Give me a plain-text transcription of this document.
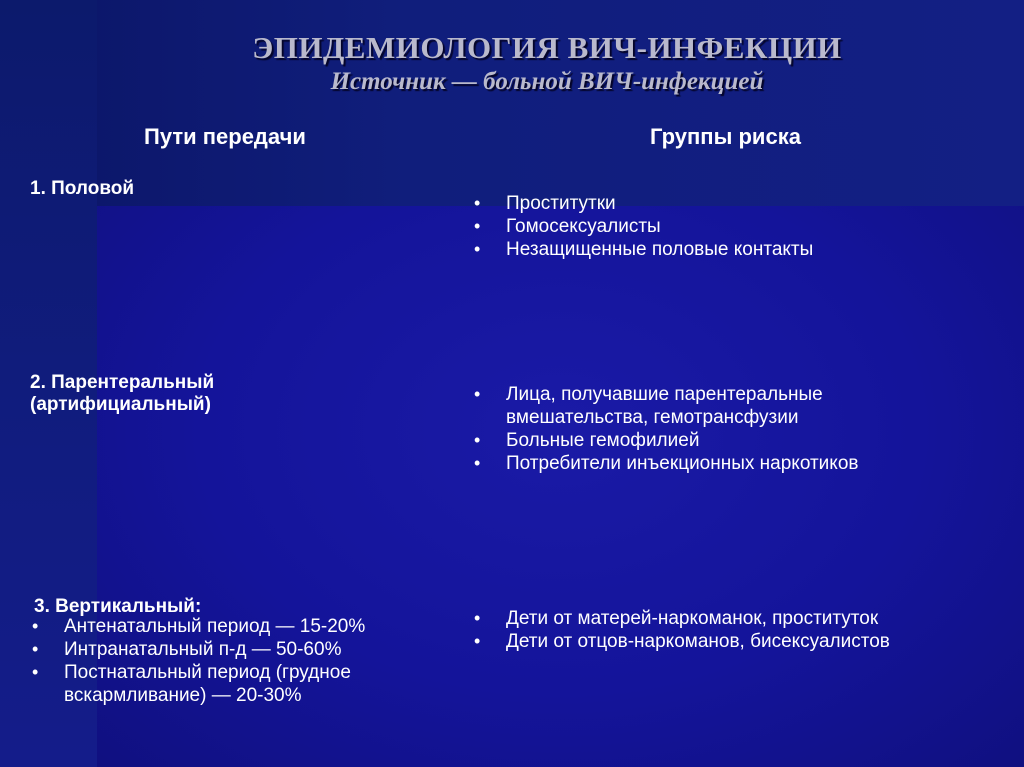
ЭПИДЕМИОЛОГИЯ ВИЧ-ИНФЕКЦИИ
Источник — больной ВИЧ-инфекцией
Пути передачи	Группы риска
1. Половой
• Проститутки
• Гомосексуалисты
• Незащищенные половые контакты
2. Парентеральный
(артифициальный)
•	Лица, получавшие парентеральные вмешательства, гемотрансфузии
• Больные гемофилией
• Потребители инъекционных наркотиков
3. Вертикальный:
• Антенатальный период — 15-20%
• Интранатальный п-д — 50-60%
• Постнатальный период (грудное вскармливание) — 20-30%
• Дети от матерей-наркоманок, проституток
• Дети от отцов-наркоманов, бисексуалистов
